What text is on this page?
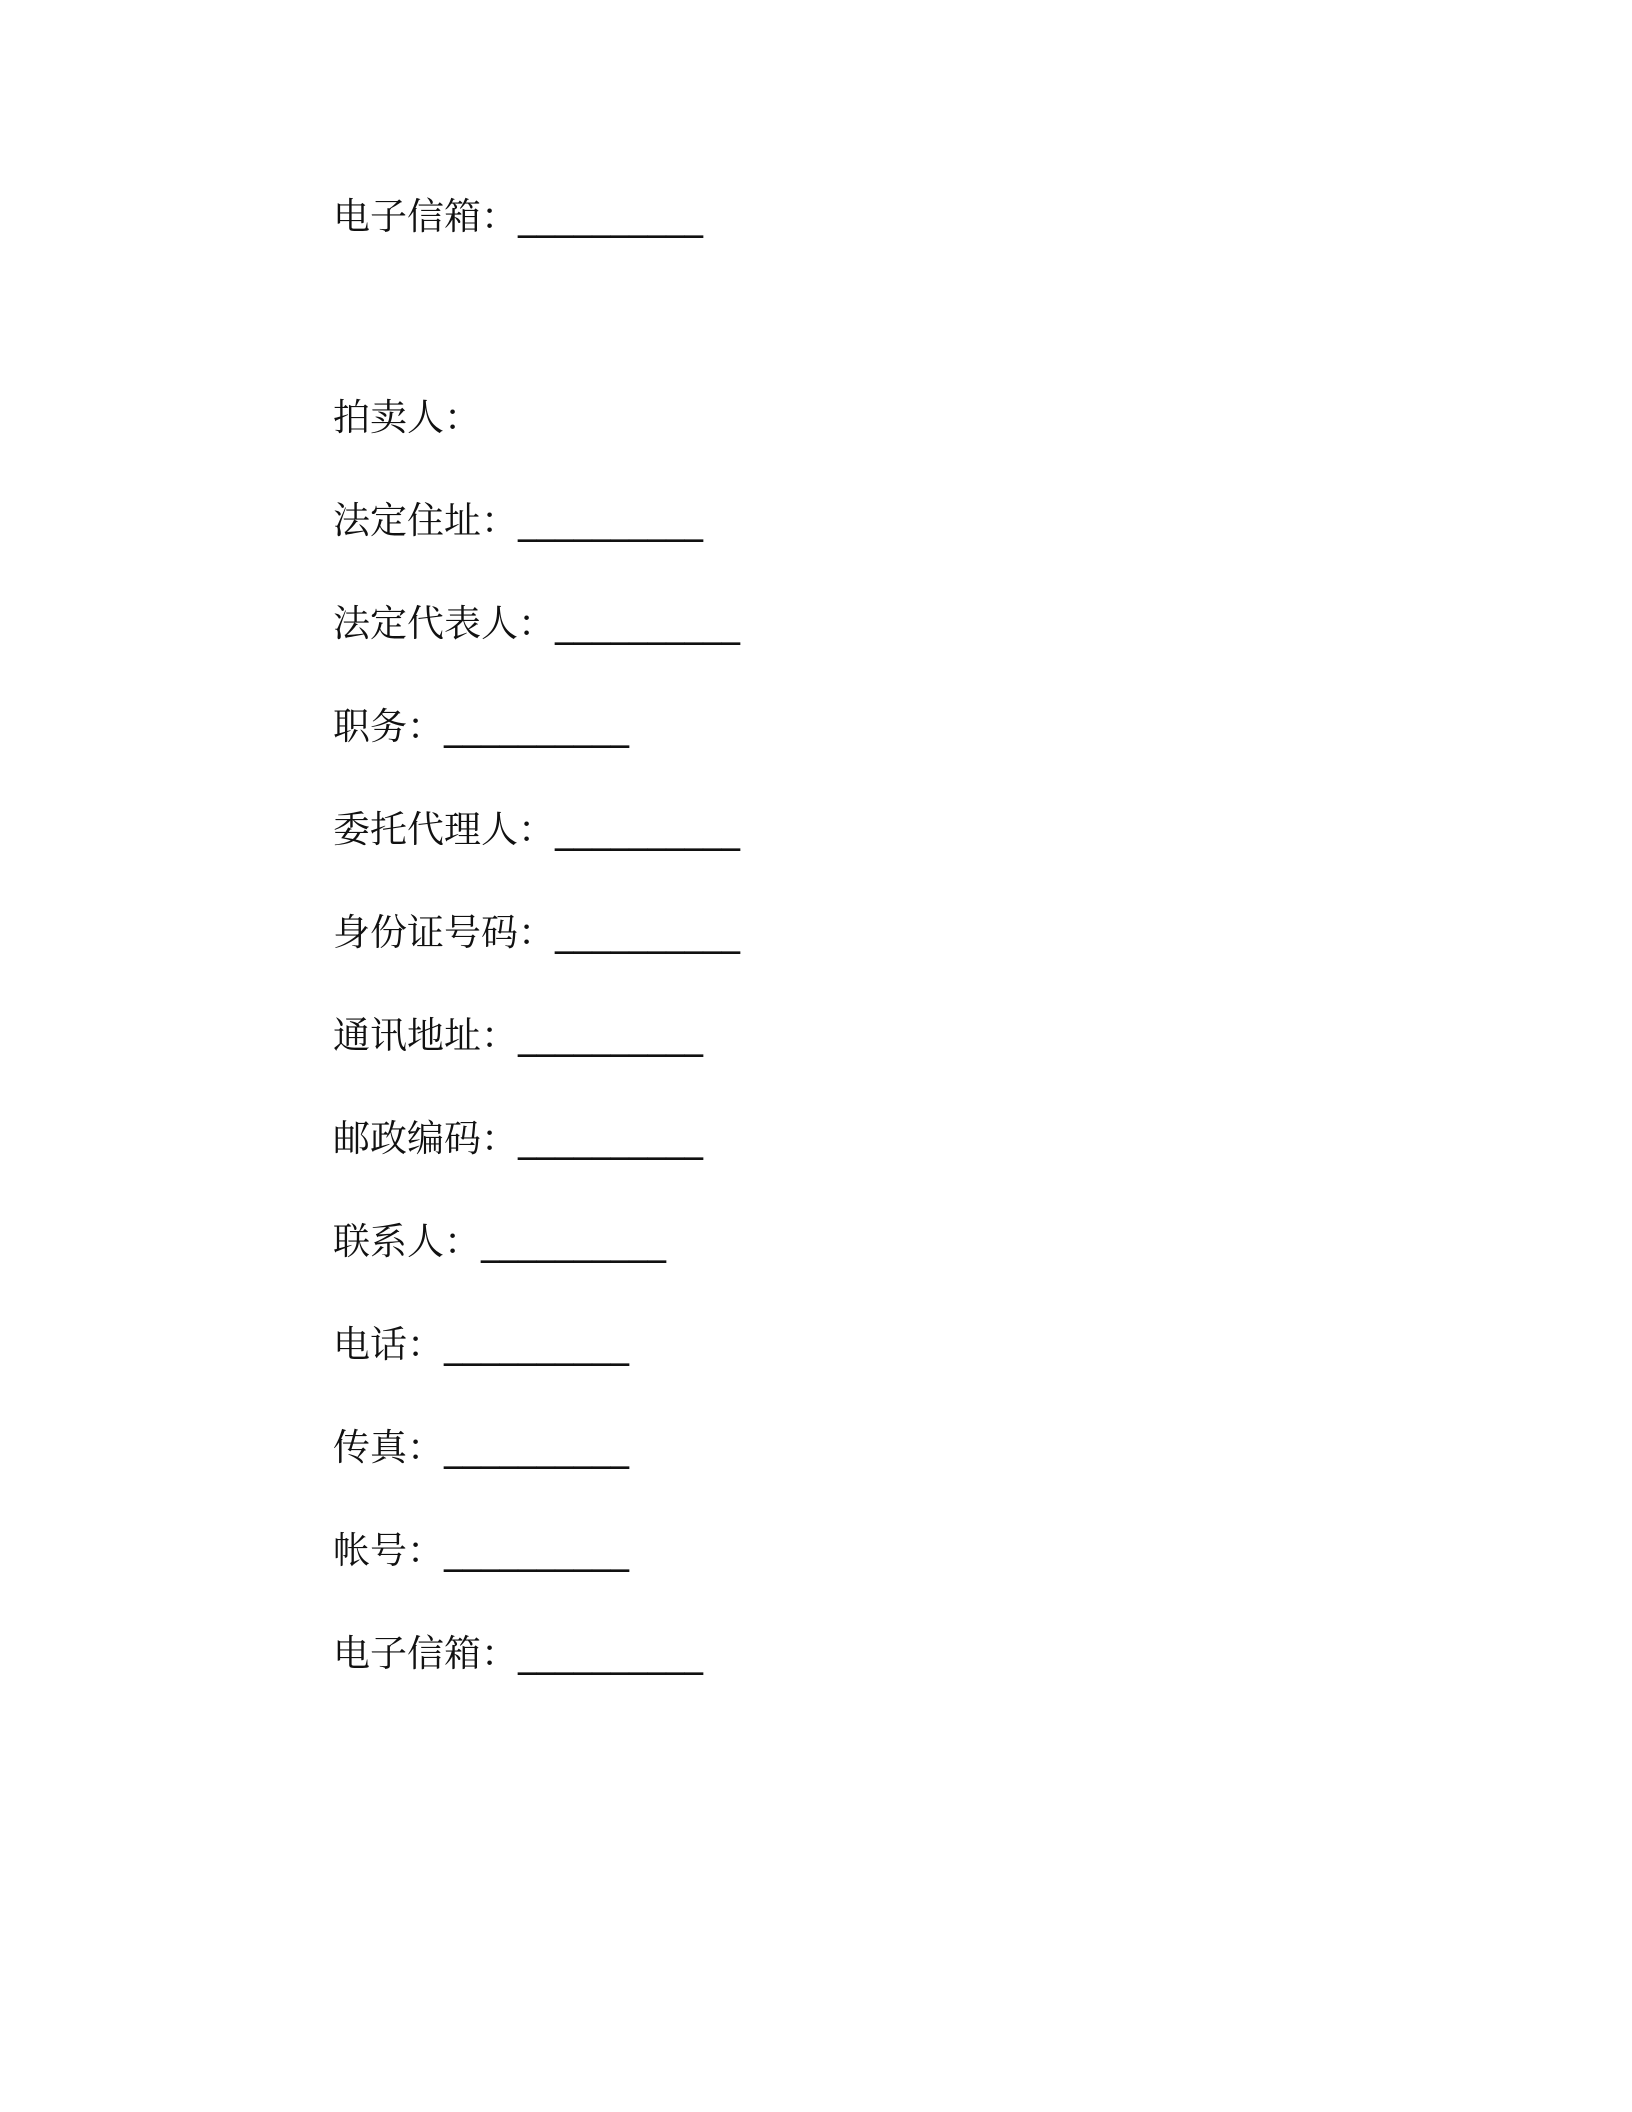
电子信箱：__________
拍卖人：
法定住址：__________
法定代表人：__________
职务：__________
委托代理人：__________
身份证号码：__________
通讯地址：__________
邮政编码：__________
联系人：__________
电话：__________
传真：__________
帐号：__________
电子信箱：__________
